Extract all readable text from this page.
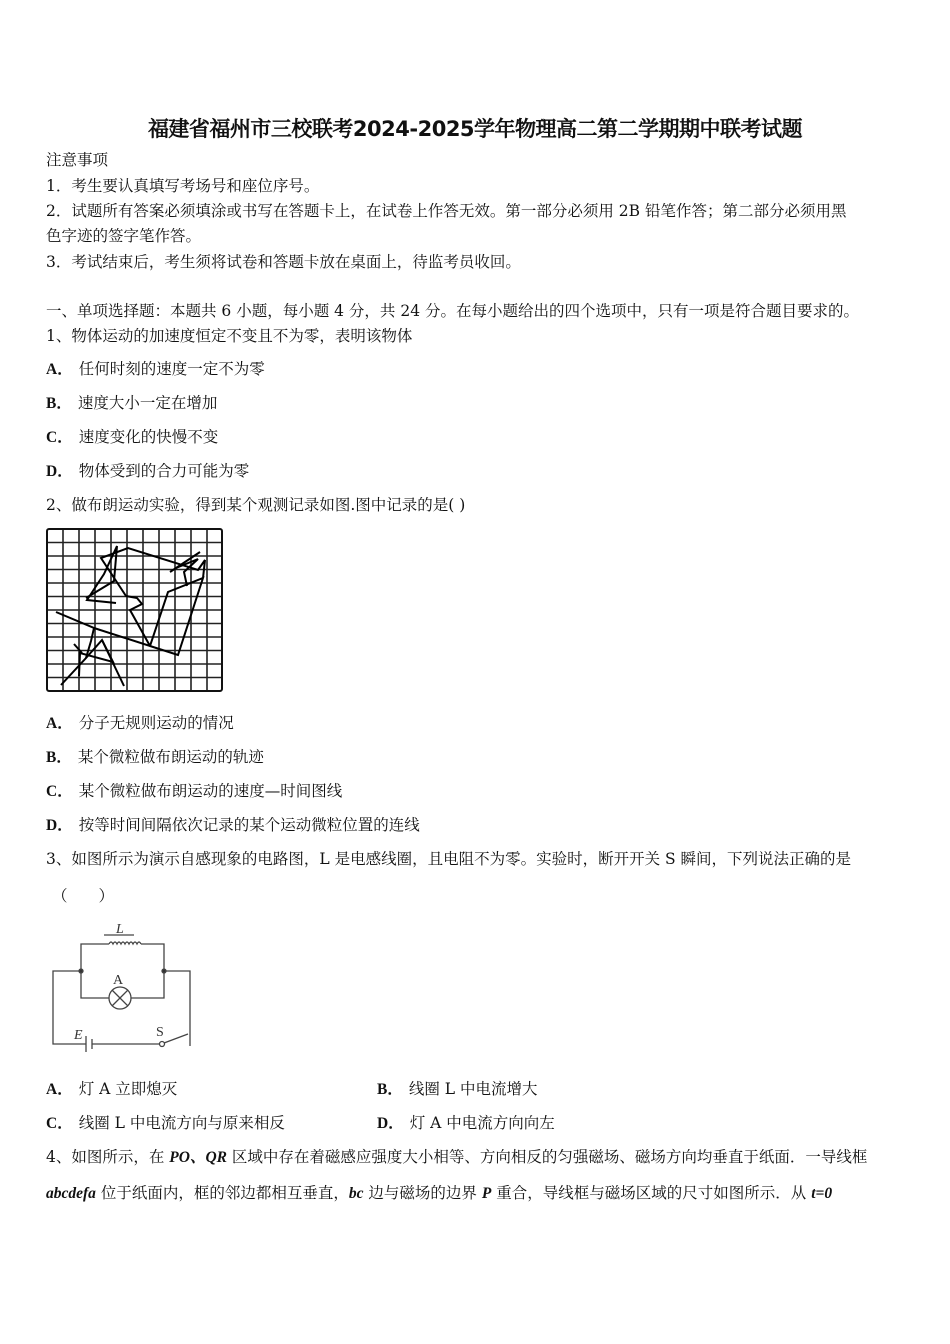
福建省福州市三校联考2024-2025学年物理高二第二学期期中联考试题
注意事项
1．考生要认真填写考场号和座位序号。
2．试题所有答案必须填涂或书写在答题卡上，在试卷上作答无效。第一部分必须用 2B 铅笔作答；第二部分必须用黑
色字迹的签字笔作答。
3．考试结束后，考生须将试卷和答题卡放在桌面上，待监考员收回。
一、单项选择题：本题共 6 小题，每小题 4 分，共 24 分。在每小题给出的四个选项中，只有一项是符合题目要求的。
1、物体运动的加速度恒定不变且不为零，表明该物体
A． 任何时刻的速度一定不为零
B． 速度大小一定在增加
C． 速度变化的快慢不变
D． 物体受到的合力可能为零
2、做布朗运动实验，得到某个观测记录如图.图中记录的是( )
A． 分子无规则运动的情况
B． 某个微粒做布朗运动的轨迹
C． 某个微粒做布朗运动的速度—时间图线
D． 按等时间间隔依次记录的某个运动微粒位置的连线
3、如图所示为演示自感现象的电路图，L 是电感线圈，且电阻不为零。实验时，断开开关 S 瞬间，下列说法正确的是
（　　）
L
A
E	S
A． 灯 A 立即熄灭	B． 线圈 L 中电流增大
C． 线圈 L 中电流方向与原来相反	D． 灯 A 中电流方向向左
4、如图所示，在 PO、QR 区域中存在着磁感应强度大小相等、方向相反的匀强磁场、磁场方向均垂直于纸面．一导线框
abcdefa 位于纸面内，框的邻边都相互垂直，bc 边与磁场的边界 P 重合，导线框与磁场区域的尺寸如图所示．从 t=0
